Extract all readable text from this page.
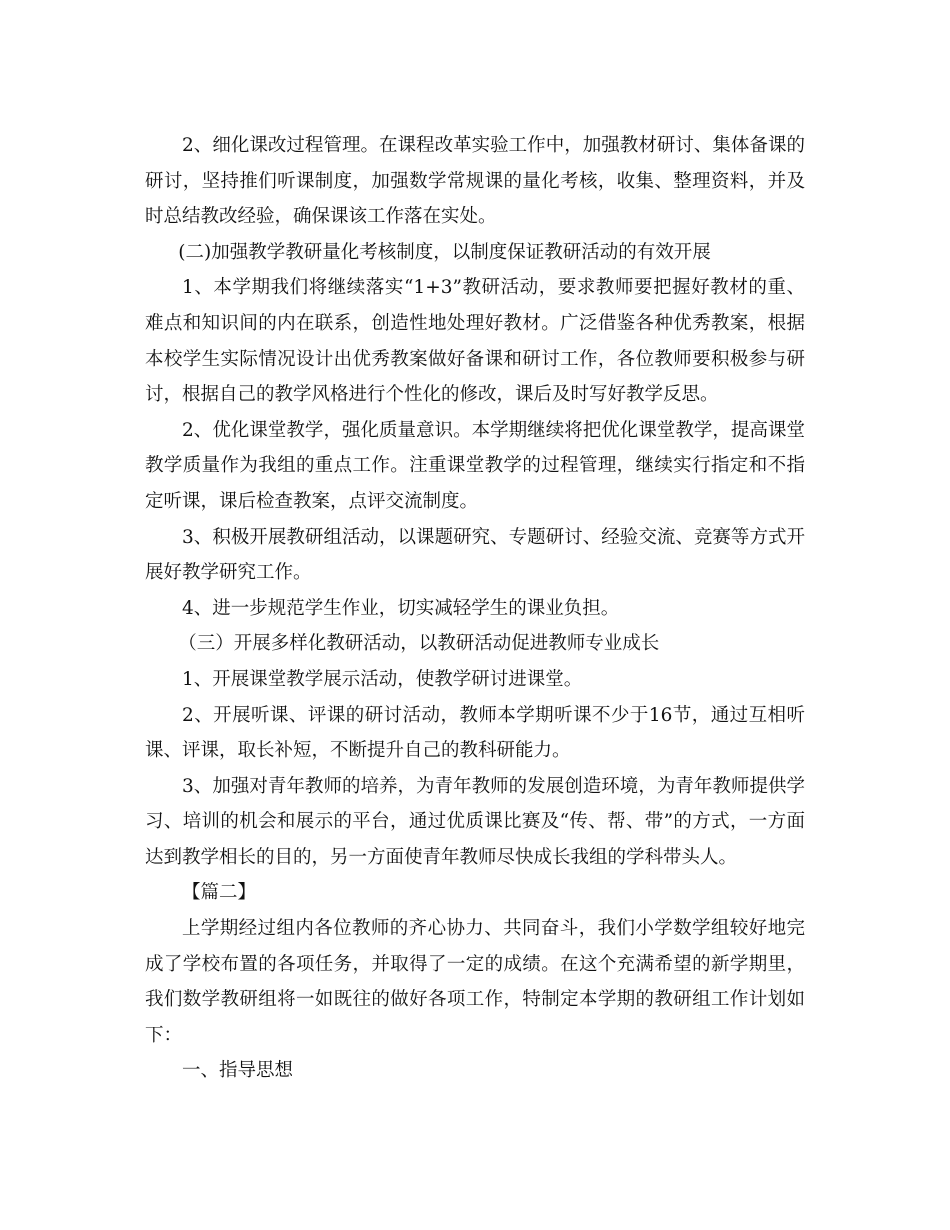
2、细化课改过程管理。在课程改革实验工作中，加强教材研讨、集体备课的研讨，坚持推们听课制度，加强数学常规课的量化考核，收集、整理资料，并及时总结教改经验，确保课该工作落在实处。

(二)加强教学教研量化考核制度，以制度保证教研活动的有效开展

1、本学期我们将继续落实“1+3”教研活动，要求教师要把握好教材的重、难点和知识间的内在联系，创造性地处理好教材。广泛借鉴各种优秀教案，根据本校学生实际情况设计出优秀教案做好备课和研讨工作，各位教师要积极参与研讨，根据自己的教学风格进行个性化的修改，课后及时写好教学反思。

2、优化课堂教学，强化质量意识。本学期继续将把优化课堂教学，提高课堂教学质量作为我组的重点工作。注重课堂教学的过程管理，继续实行指定和不指定听课，课后检查教案，点评交流制度。

3、积极开展教研组活动，以课题研究、专题研讨、经验交流、竞赛等方式开展好教学研究工作。

4、进一步规范学生作业，切实减轻学生的课业负担。

（三）开展多样化教研活动，以教研活动促进教师专业成长

1、开展课堂教学展示活动，使教学研讨进课堂。

2、开展听课、评课的研讨活动，教师本学期听课不少于16节，通过互相听课、评课，取长补短，不断提升自己的教科研能力。

3、加强对青年教师的培养，为青年教师的发展创造环境，为青年教师提供学习、培训的机会和展示的平台，通过优质课比赛及“传、帮、带”的方式，一方面达到教学相长的目的，另一方面使青年教师尽快成长我组的学科带头人。

【篇二】

上学期经过组内各位教师的齐心协力、共同奋斗，我们小学数学组较好地完成了学校布置的各项任务，并取得了一定的成绩。在这个充满希望的新学期里，我们数学教研组将一如既往的做好各项工作，特制定本学期的教研组工作计划如下：

一、指导思想
